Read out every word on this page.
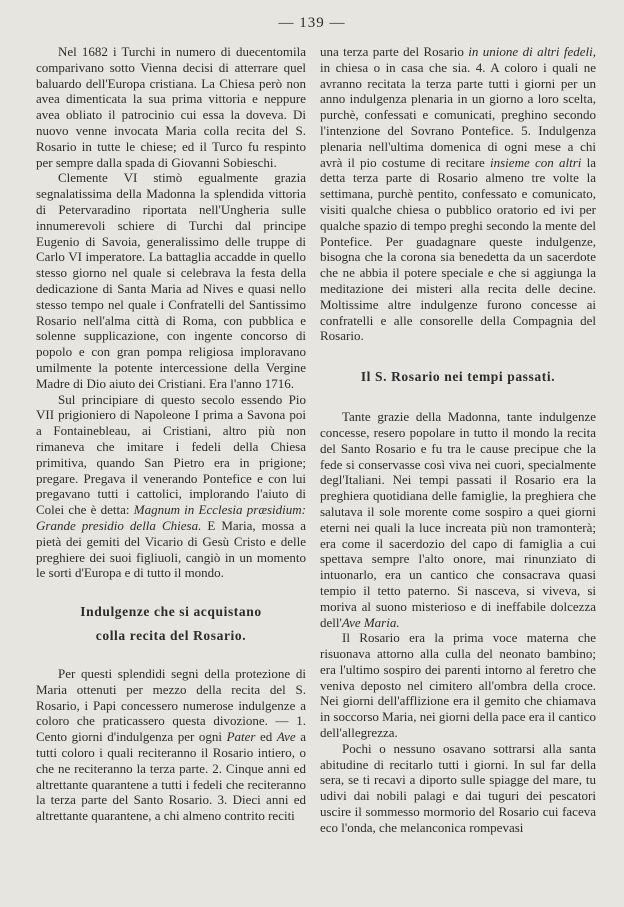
— 139 —

Nel 1682 i Turchi in numero di duecentomila comparivano sotto Vienna decisi di atterrare quel baluardo dell'Europa cristiana. La Chiesa però non avea dimenticata la sua prima vittoria e neppure avea obliato il patrocinio cui essa la doveva. Di nuovo venne invocata Maria colla recita del S. Rosario in tutte le chiese; ed il Turco fu respinto per sempre dalla spada di Giovanni Sobieschi.

Clemente VI stimò egualmente grazia segnalatissima della Madonna la splendida vittoria di Petervaradino riportata nell'Ungheria sulle innumerevoli schiere di Turchi dal principe Eugenio di Savoia, generalissimo delle truppe di Carlo VI imperatore. La battaglia accadde in quello stesso giorno nel quale si celebrava la festa della dedicazione di Santa Maria ad Nives e quasi nello stesso tempo nel quale i Confratelli del Santissimo Rosario nell'alma città di Roma, con pubblica e solenne supplicazione, con ingente concorso di popolo e con gran pompa religiosa imploravano umilmente la potente intercessione della Vergine Madre di Dio aiuto dei Cristiani. Era l'anno 1716.

Sul principiare di questo secolo essendo Pio VII prigioniero di Napoleone I prima a Savona poi a Fontainebleau, ai Cristiani, altro più non rimaneva che imitare i fedeli della Chiesa primitiva, quando San Pietro era in prigione; pregare. Pregava il venerando Pontefice e con lui pregavano tutti i cattolici, implorando l'aiuto di Colei che è detta: Magnum in Ecclesia præsidium: Grande presidio della Chiesa. E Maria, mossa a pietà dei gemiti del Vicario di Gesù Cristo e delle preghiere dei suoi figliuoli, cangiò in un momento le sorti d'Europa e di tutto il mondo.

Indulgenze che si acquistano
colla recita del Rosario.

Per questi splendidi segni della protezione di Maria ottenuti per mezzo della recita del S. Rosario, i Papi concessero numerose indulgenze a coloro che praticassero questa divozione. — 1. Cento giorni d'indulgenza per ogni Pater ed Ave a tutti coloro i quali reciteranno il Rosario intiero, o che ne reciteranno la terza parte. 2. Cinque anni ed altrettante quarantene a tutti i fedeli che reciteranno la terza parte del Santo Rosario. 3. Dieci anni ed altrettante quarantene, a chi almeno contrito reciti

una terza parte del Rosario in unione di altri fedeli, in chiesa o in casa che sia. 4. A coloro i quali ne avranno recitata la terza parte tutti i giorni per un anno indulgenza plenaria in un giorno a loro scelta, purchè, confessati e comunicati, preghino secondo l'intenzione del Sovrano Pontefice. 5. Indulgenza plenaria nell'ultima domenica di ogni mese a chi avrà il pio costume di recitare insieme con altri la detta terza parte di Rosario almeno tre volte la settimana, purchè pentito, confessato e comunicato, visiti qualche chiesa o pubblico oratorio ed ivi per qualche spazio di tempo preghi secondo la mente del Pontefice. Per guadagnare queste indulgenze, bisogna che la corona sia benedetta da un sacerdote che ne abbia il potere speciale e che si aggiunga la meditazione dei misteri alla recita delle decine. Moltissime altre indulgenze furono concesse ai confratelli e alle consorelle della Compagnia del Rosario.

Il S. Rosario nei tempi passati.

Tante grazie della Madonna, tante indulgenze concesse, resero popolare in tutto il mondo la recita del Santo Rosario e fu tra le cause precipue che la fede si conservasse così viva nei cuori, specialmente degl'Italiani. Nei tempi passati il Rosario era la preghiera quotidiana delle famiglie, la preghiera che salutava il sole morente come sospiro a quei giorni eterni nei quali la luce increata più non tramonterà; era come il sacerdozio del capo di famiglia a cui spettava sempre l'alto onore, mai rinunziato di intuonarlo, era un cantico che consacrava quasi tempio il tetto paterno. Si nasceva, si viveva, si moriva al suono misterioso e di ineffabile dolcezza dell'Ave Maria.

Il Rosario era la prima voce materna che risuonava attorno alla culla del neonato bambino; era l'ultimo sospiro dei parenti intorno al feretro che veniva deposto nel cimitero all'ombra della croce. Nei giorni dell'afflizione era il gemito che chiamava in soccorso Maria, nei giorni della pace era il cantico dell'allegrezza.

Pochi o nessuno osavano sottrarsi alla santa abitudine di recitarlo tutti i giorni. In sul far della sera, se ti recavi a diporto sulle spiagge del mare, tu udivi dai nobili palagi e dai tuguri dei pescatori uscire il sommesso mormorio del Rosario cui faceva eco l'onda, che melanconica rompevasi
